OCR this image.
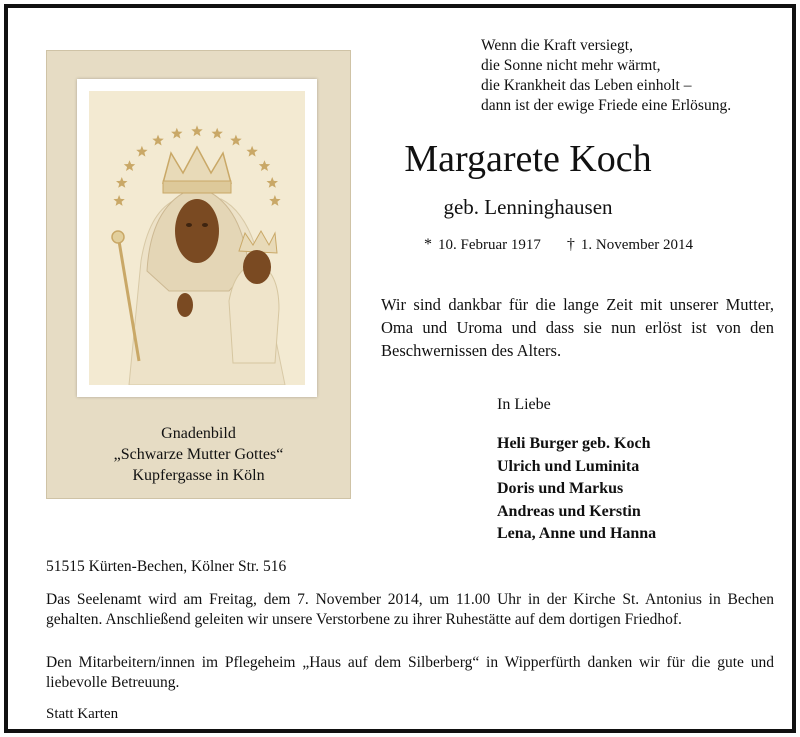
Gnadenbild
„Schwarze Mutter Gottes“
Kupfergasse in Köln
Wenn die Kraft versiegt,
die Sonne nicht mehr wärmt,
die Krankheit das Leben einholt –
dann ist der ewige Friede eine Erlösung.
Margarete Koch
geb. Lenninghausen
* 10. Februar 1917 † 1. November 2014
Wir sind dankbar für die lange Zeit mit unserer Mutter, Oma und Uroma und dass sie nun erlöst ist von den Beschwernissen des Alters.
In Liebe
Heli Burger geb. Koch
Ulrich und Luminita
Doris und Markus
Andreas und Kerstin
Lena, Anne und Hanna
51515 Kürten-Bechen, Kölner Str. 516
Das Seelenamt wird am Freitag, dem 7. November 2014, um 11.00 Uhr in der Kirche St. Antonius in Bechen gehalten. Anschließend geleiten wir unsere Verstorbene zu ihrer Ruhestätte auf dem dortigen Friedhof.
Den Mitarbeitern/innen im Pflegeheim „Haus auf dem Silberberg“ in Wipperfürth danken wir für die gute und liebevolle Betreuung.
Statt Karten
